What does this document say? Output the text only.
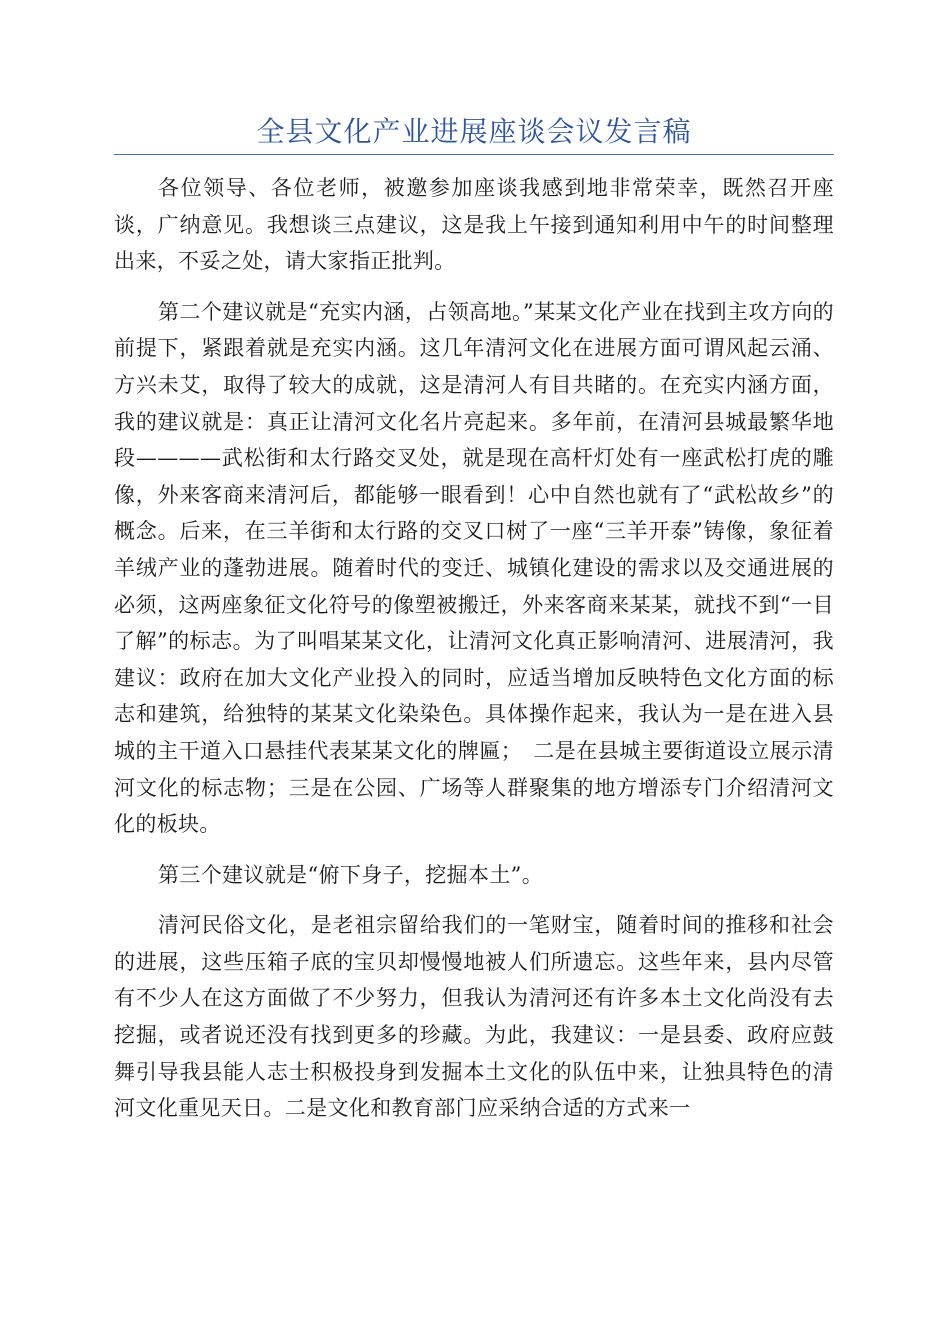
全县文化产业进展座谈会议发言稿

各位领导、各位老师，被邀参加座谈我感到地非常荣幸，既然召开座谈，广纳意见。我想谈三点建议，这是我上午接到通知利用中午的时间整理出来，不妥之处，请大家指正批判。

第二个建议就是“充实内涵，占领高地。”某某文化产业在找到主攻方向的前提下，紧跟着就是充实内涵。这几年清河文化在进展方面可谓风起云涌、方兴未艾，取得了较大的成就，这是清河人有目共睹的。在充实内涵方面，我的建议就是：真正让清河文化名片亮起来。多年前，在清河县城最繁华地段————武松街和太行路交叉处，就是现在高杆灯处有一座武松打虎的雕像，外来客商来清河后，都能够一眼看到！心中自然也就有了“武松故乡”的概念。后来，在三羊街和太行路的交叉口树了一座“三羊开泰”铸像，象征着羊绒产业的蓬勃进展。随着时代的变迁、城镇化建设的需求以及交通进展的必须，这两座象征文化符号的像塑被搬迁，外来客商来某某，就找不到“一目了解”的标志。为了叫唱某某文化，让清河文化真正影响清河、进展清河，我建议：政府在加大文化产业投入的同时，应适当增加反映特色文化方面的标志和建筑，给独特的某某文化染染色。具体操作起来，我认为一是在进入县城的主干道入口悬挂代表某某文化的牌匾；　二是在县城主要街道设立展示清河文化的标志物；三是在公园、广场等人群聚集的地方增添专门介绍清河文化的板块。

第三个建议就是“俯下身子，挖掘本土”。

清河民俗文化，是老祖宗留给我们的一笔财宝，随着时间的推移和社会的进展，这些压箱子底的宝贝却慢慢地被人们所遗忘。这些年来，县内尽管有不少人在这方面做了不少努力，但我认为清河还有许多本土文化尚没有去挖掘，或者说还没有找到更多的珍藏。为此，我建议：一是县委、政府应鼓舞引导我县能人志士积极投身到发掘本土文化的队伍中来，让独具特色的清河文化重见天日。二是文化和教育部门应采纳合适的方式来一
